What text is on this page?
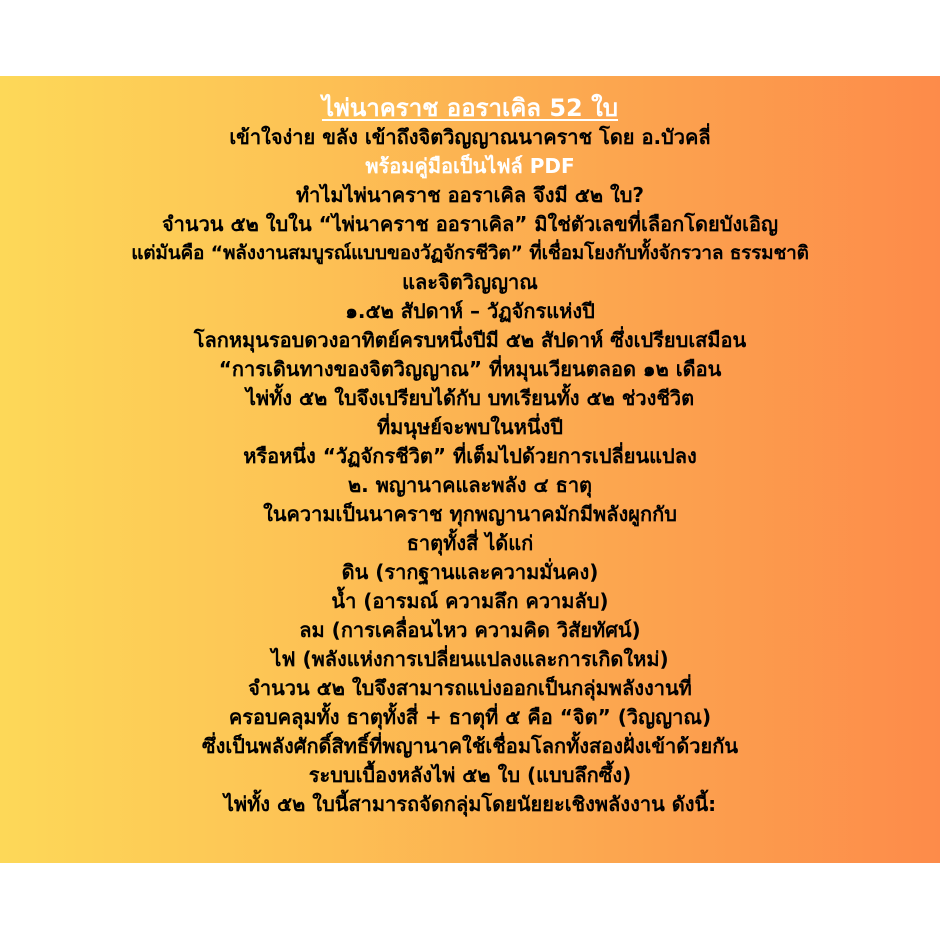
ไพ่นาคราช ออราเคิล 52 ใบ
เข้าใจง่าย ขลัง เข้าถึงจิตวิญญาณนาคราช โดย อ.บัวคลี่
พร้อมคู่มือเป็นไฟล์ PDF
ทำไมไพ่นาคราช ออราเคิล จึงมี ๕๒ ใบ?
จำนวน ๕๒ ใบใน “ไพ่นาคราช ออราเคิล” มิใช่ตัวเลขที่เลือกโดยบังเอิญ
แต่มันคือ “พลังงานสมบูรณ์แบบของวัฏจักรชีวิต” ที่เชื่อมโยงกับทั้งจักรวาล ธรรมชาติ
และจิตวิญญาณ
๑.๕๒ สัปดาห์ – วัฏจักรแห่งปี
โลกหมุนรอบดวงอาทิตย์ครบหนึ่งปีมี ๕๒ สัปดาห์ ซึ่งเปรียบเสมือน
“การเดินทางของจิตวิญญาณ” ที่หมุนเวียนตลอด ๑๒ เดือน
ไพ่ทั้ง ๕๒ ใบจึงเปรียบได้กับ บทเรียนทั้ง ๕๒ ช่วงชีวิต
ที่มนุษย์จะพบในหนึ่งปี
หรือหนึ่ง “วัฏจักรชีวิต” ที่เต็มไปด้วยการเปลี่ยนแปลง
๒. พญานาคและพลัง ๔ ธาตุ
ในความเป็นนาคราช ทุกพญานาคมักมีพลังผูกกับ
ธาตุทั้งสี่ ได้แก่
ดิน (รากฐานและความมั่นคง)
น้ำ (อารมณ์ ความลึก ความลับ)
ลม (การเคลื่อนไหว ความคิด วิสัยทัศน์)
ไฟ (พลังแห่งการเปลี่ยนแปลงและการเกิดใหม่)
จำนวน ๕๒ ใบจึงสามารถแบ่งออกเป็นกลุ่มพลังงานที่
ครอบคลุมทั้ง ธาตุทั้งสี่ + ธาตุที่ ๕ คือ “จิต” (วิญญาณ)
ซึ่งเป็นพลังศักดิ์สิทธิ์ที่พญานาคใช้เชื่อมโลกทั้งสองฝั่งเข้าด้วยกัน
ระบบเบื้องหลังไพ่ ๕๒ ใบ (แบบลึกซึ้ง)
ไพ่ทั้ง ๕๒ ใบนี้สามารถจัดกลุ่มโดยนัยยะเชิงพลังงาน ดังนี้:
